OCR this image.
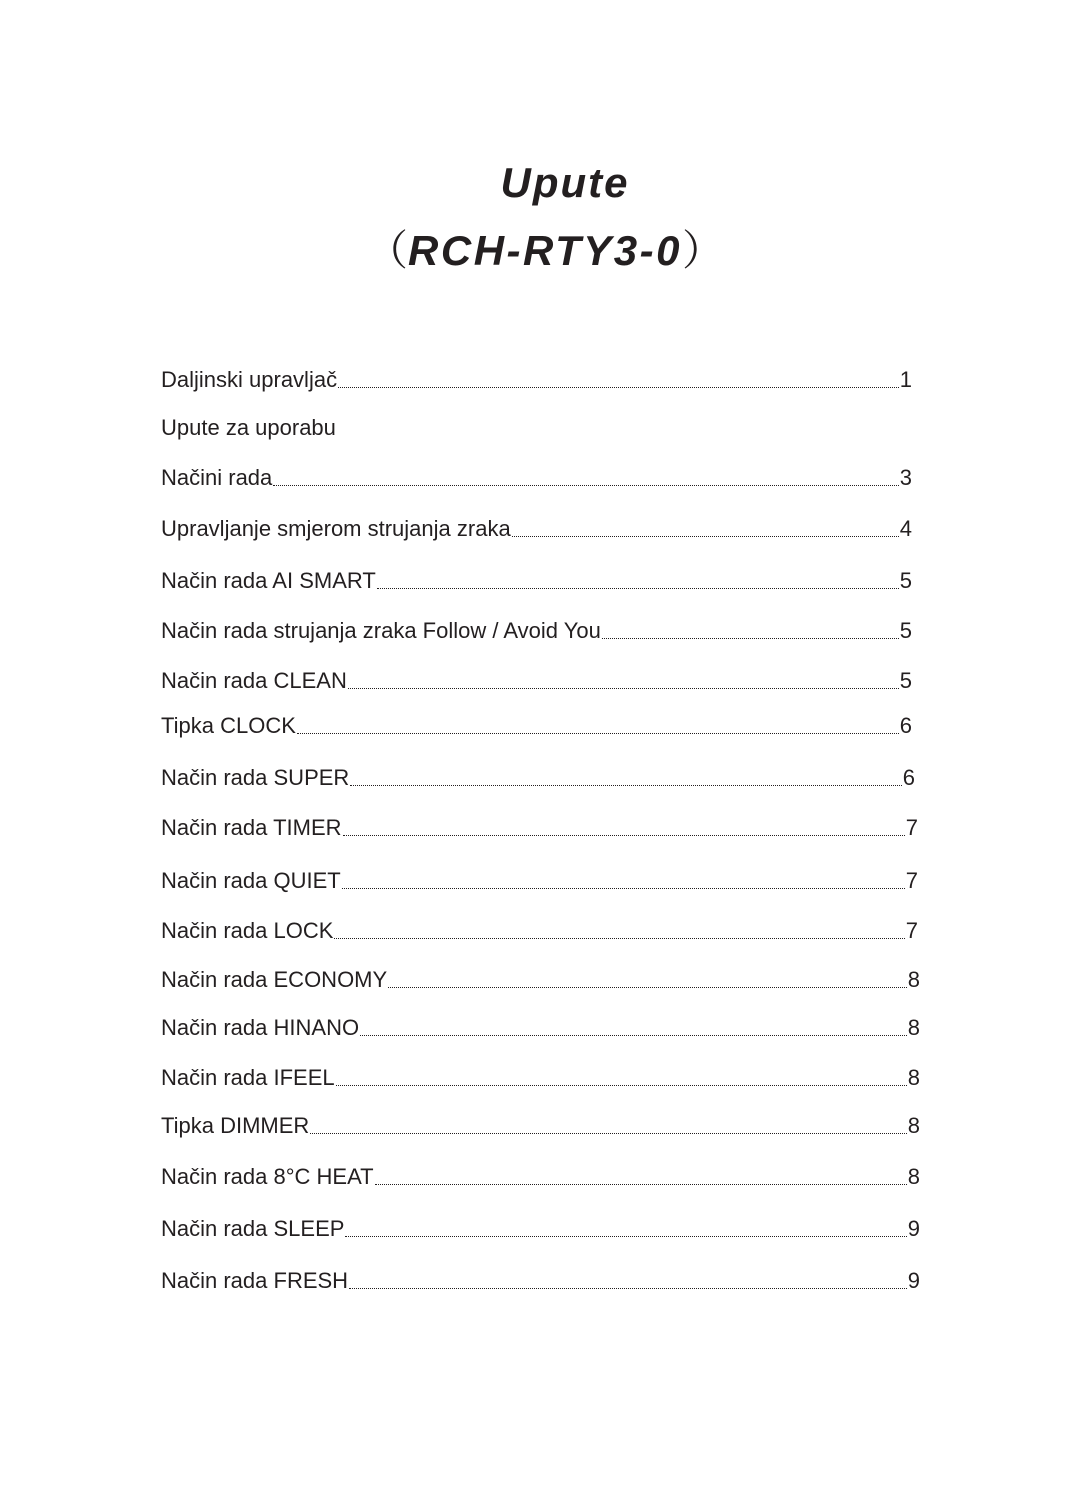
Upute
（RCH-RTY3-0）
Daljinski upravljač	1
Upute za uporabu
Načini rada	3
Upravljanje smjerom strujanja zraka	4
Način rada AI SMART	5
Način rada strujanja zraka Follow / Avoid You	5
Način rada CLEAN	5
Tipka CLOCK	6
Način rada SUPER	6
Način rada TIMER	7
Način rada QUIET	7
Način rada LOCK	7
Način rada ECONOMY	8
Način rada HINANO	8
Način rada IFEEL	8
Tipka DIMMER	8
Način rada 8°C HEAT	8
Način rada SLEEP	9
Način rada FRESH	9
